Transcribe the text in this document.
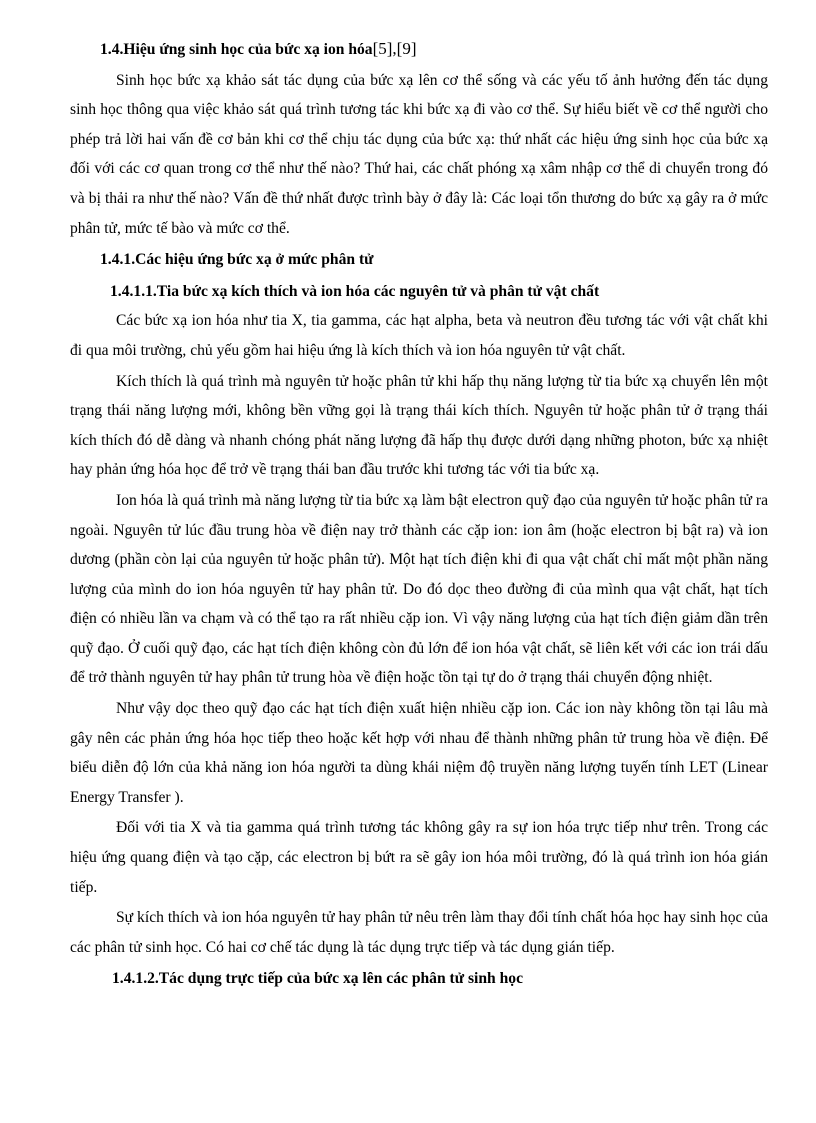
1.4.Hiệu ứng sinh học của bức xạ ion hóa[5],[9]

Sinh học bức xạ khảo sát tác dụng của bức xạ lên cơ thể sống và các yếu tố ảnh hưởng đến tác dụng sinh học thông qua việc khảo sát quá trình tương tác khi bức xạ đi vào cơ thể. Sự hiểu biết về cơ thể người cho phép trả lời hai vấn đề cơ bản khi cơ thể chịu tác dụng của bức xạ: thứ nhất các hiệu ứng sinh học của bức xạ đối với các cơ quan trong cơ thể như thế nào? Thứ hai, các chất phóng xạ xâm nhập cơ thể di chuyển trong đó và bị thải ra như thế nào? Vấn đề thứ nhất được trình bày ở đây là: Các loại tổn thương do bức xạ gây ra ở mức phân tử, mức tế bào và mức cơ thể.

1.4.1.Các hiệu ứng bức xạ ở mức phân tử

1.4.1.1.Tia bức xạ kích thích và ion hóa các nguyên tử và phân tử vật chất

Các bức xạ ion hóa như tia X, tia gamma, các hạt alpha, beta và neutron đều tương tác với vật chất khi đi qua môi trường, chủ yếu gồm hai hiệu ứng là kích thích và ion hóa nguyên tử vật chất.

Kích thích là quá trình mà nguyên tử hoặc phân tử khi hấp thụ năng lượng từ tia bức xạ chuyển lên một trạng thái năng lượng mới, không bền vững gọi là trạng thái kích thích. Nguyên tử hoặc phân tử ở trạng thái kích thích đó dễ dàng và nhanh chóng phát năng lượng đã hấp thụ được dưới dạng những photon, bức xạ nhiệt hay phản ứng hóa học để trở về trạng thái ban đầu trước khi tương tác với tia bức xạ.

Ion hóa là quá trình mà năng lượng từ tia bức xạ làm bật electron quỹ đạo của nguyên tử hoặc phân tử ra ngoài. Nguyên tử lúc đầu trung hòa về điện nay trở thành các cặp ion: ion âm (hoặc electron bị bật ra) và ion dương (phần còn lại của nguyên tử hoặc phân tử). Một hạt tích điện khi đi qua vật chất chỉ mất một phần năng lượng của mình do ion hóa nguyên tử hay phân tử. Do đó dọc theo đường đi của mình qua vật chất, hạt tích điện có nhiều lần va chạm và có thể tạo ra rất nhiều cặp ion. Vì vậy năng lượng của hạt tích điện giảm dần trên quỹ đạo. Ở cuối quỹ đạo, các hạt tích điện không còn đủ lớn để ion hóa vật chất, sẽ liên kết với các ion trái dấu để trở thành nguyên tử hay phân tử trung hòa về điện hoặc tồn tại tự do ở trạng thái chuyển động nhiệt.

Như vậy dọc theo quỹ đạo các hạt tích điện xuất hiện nhiều cặp ion. Các ion này không tồn tại lâu mà gây nên các phản ứng hóa học tiếp theo hoặc kết hợp với nhau để thành những phân tử trung hòa về điện. Để biểu diễn độ lớn của khả năng ion hóa người ta dùng khái niệm độ truyền năng lượng tuyến tính LET (Linear Energy Transfer ).

Đối với tia X và tia gamma quá trình tương tác không gây ra sự ion hóa trực tiếp như trên. Trong các hiệu ứng quang điện và tạo cặp, các electron bị bứt ra sẽ gây ion hóa môi trường, đó là quá trình ion hóa gián tiếp.

Sự kích thích và ion hóa nguyên tử hay phân tử nêu trên làm thay đổi tính chất hóa học hay sinh học của các phân tử sinh học. Có hai cơ chế tác dụng là tác dụng trực tiếp và tác dụng gián tiếp.

1.4.1.2.Tác dụng trực tiếp của bức xạ lên các phân tử sinh học
